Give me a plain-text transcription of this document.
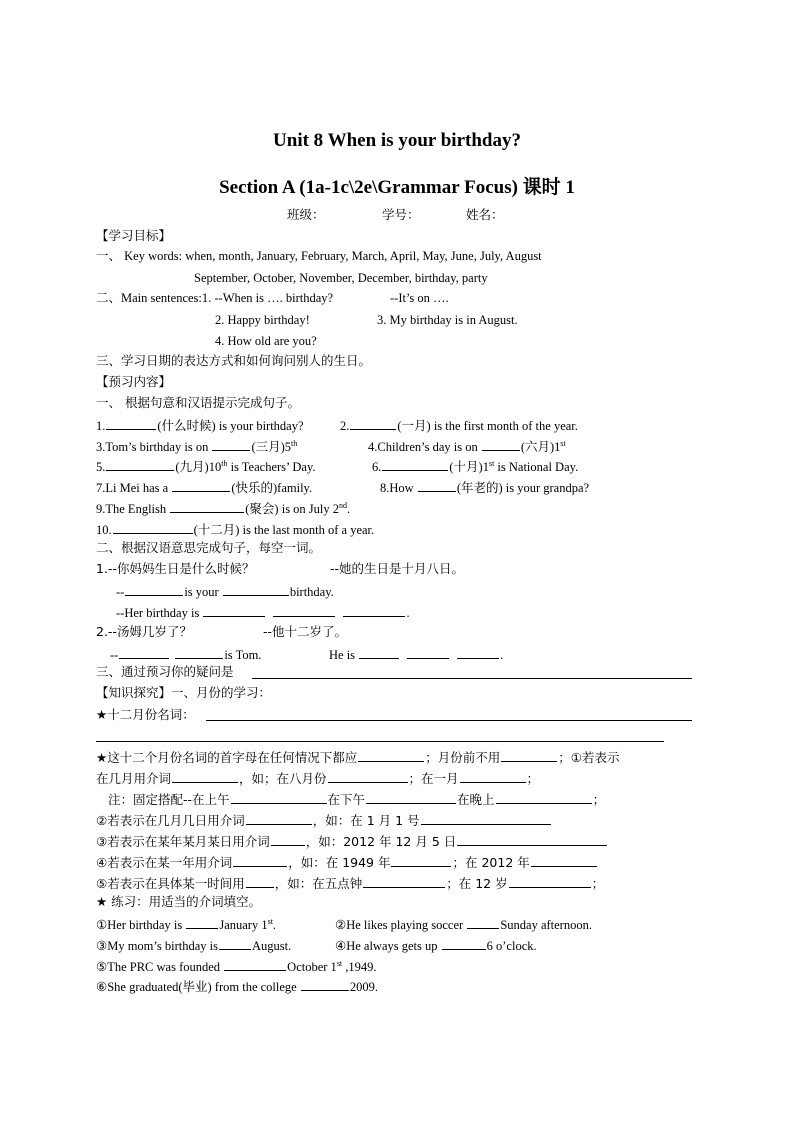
Unit 8 When is your birthday?
Section A (1a-1c\2e\Grammar Focus) 课时 1
班级：	学号：	姓名：
【学习目标】
一、 Key words: when, month, January, February, March, April, May, June, July, August
September, October, November, December, birthday, party
二、Main sentences:1. --When is …. birthday?	--It’s on ….
2. Happy birthday!	3. My birthday is in August.
4. How old are you?
三、学习日期的表达方式和如何询问别人的生日。
【预习内容】
一、 根据句意和汉语提示完成句子。
1.	(什么时候) is your birthday?	2.	(一月) is the first month of the year.
3.Tom’s birthday is on	(三月)5th	4.Children’s day is on	(六月)1st
5.	(九月)10th is Teachers’ Day.	6.	(十月)1st is National Day.
7.Li Mei has a	(快乐的)family.	8.How	(年老的) is your grandpa?
9.The English	(聚会) is on July 2nd.
10.	(十二月) is the last month of a year.
二、根据汉语意思完成句子，每空一词。
1.--你妈妈生日是什么时候？	--她的生日是十月八日。
--	is your	birthday.
--Her birthday is	.
2.--汤姆几岁了？	--他十二岁了。
--	is Tom.	He is	.
三、通过预习你的疑问是
【知识探究】一、月份的学习：
★十二月份名词：
★这十二个月份名词的首字母在任何情况下都应	；月份前不用	；①若表示
在几月用介词	，如；在八月份	；在一月	；
注：固定搭配--在上午	在下午	在晚上	；
②若表示在几月几日用介词	，如：在 1 月 1 号
③若表示在某年某月某日用介词	，如：2012 年 12 月 5 日
④若表示在某一年用介词	，如：在 1949 年	；在 2012 年
⑤若表示在具体某一时间用 ，如：在五点钟	；在 12 岁	；
★ 练习：用适当的介词填空。
①Her birthday is	January 1st.	②He likes playing soccer	Sunday afternoon.
③My mom’s birthday is	August.	④He always gets up	6 o’clock.
⑤The PRC was founded	October 1st ,1949.
⑥She graduated(毕业) from the college	2009.
